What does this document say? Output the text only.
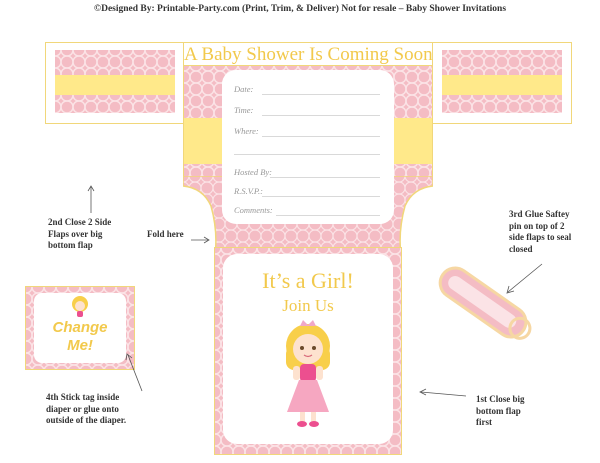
©Designed By: Printable-Party.com (Print, Trim, & Deliver) Not for resale – Baby Shower Invitations
A Baby Shower Is Coming Soon
Date:
Time:
Where:
Hosted By:
R.S.V.P.:
Comments:
It’s a Girl!
Join Us
Change
Me!
2nd Close 2 Side
Flaps over big
bottom flap
Fold here
3rd Glue Saftey
pin on top of 2
side flaps to seal
closed
4th Stick tag inside
diaper or glue onto
outside of the diaper.
1st Close big
bottom flap
first
